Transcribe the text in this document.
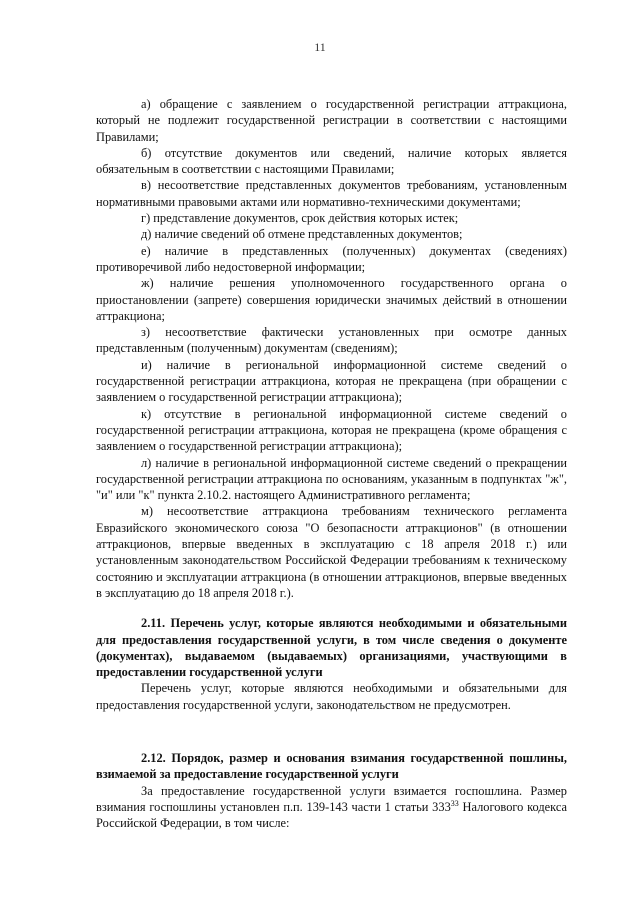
11

а) обращение с заявлением о государственной регистрации аттракциона, который не подлежит государственной регистрации в соответствии с настоящими Правилами;

б) отсутствие документов или сведений, наличие которых является обязательным в соответствии с настоящими Правилами;

в) несоответствие представленных документов требованиям, установленным нормативными правовыми актами или нормативно-техническими документами;

г) представление документов, срок действия которых истек;

д) наличие сведений об отмене представленных документов;

е) наличие в представленных (полученных) документах (сведениях) противоречивой либо недостоверной информации;

ж) наличие решения уполномоченного государственного органа о приостановлении (запрете) совершения юридически значимых действий в отношении аттракциона;

з) несоответствие фактически установленных при осмотре данных представленным (полученным) документам (сведениям);

и) наличие в региональной информационной системе сведений о государственной регистрации аттракциона, которая не прекращена (при обращении с заявлением о государственной регистрации аттракциона);

к) отсутствие в региональной информационной системе сведений о государственной регистрации аттракциона, которая не прекращена (кроме обращения с заявлением о государственной регистрации аттракциона);

л) наличие в региональной информационной системе сведений о прекращении государственной регистрации аттракциона по основаниям, указанным в подпунктах "ж", "и" или "к" пункта 2.10.2. настоящего Административного регламента;

м) несоответствие аттракциона требованиям технического регламента Евразийского экономического союза "О безопасности аттракционов" (в отношении аттракционов, впервые введенных в эксплуатацию с 18 апреля 2018 г.) или установленным законодательством Российской Федерации требованиям к техническому состоянию и эксплуатации аттракциона (в отношении аттракционов, впервые введенных в эксплуатацию до 18 апреля 2018 г.).

2.11. Перечень услуг, которые являются необходимыми и обязательными для предоставления государственной услуги, в том числе сведения о документе (документах), выдаваемом (выдаваемых) организациями, участвующими в предоставлении государственной услуги

Перечень услуг, которые являются необходимыми и обязательными для предоставления государственной услуги, законодательством не предусмотрен.

2.12. Порядок, размер и основания взимания государственной пошлины, взимаемой за предоставление государственной услуги

За предоставление государственной услуги взимается госпошлина. Размер взимания госпошлины установлен п.п. 139-143 части 1 статьи $333^{33}$ Налогового кодекса Российской Федерации, в том числе:
